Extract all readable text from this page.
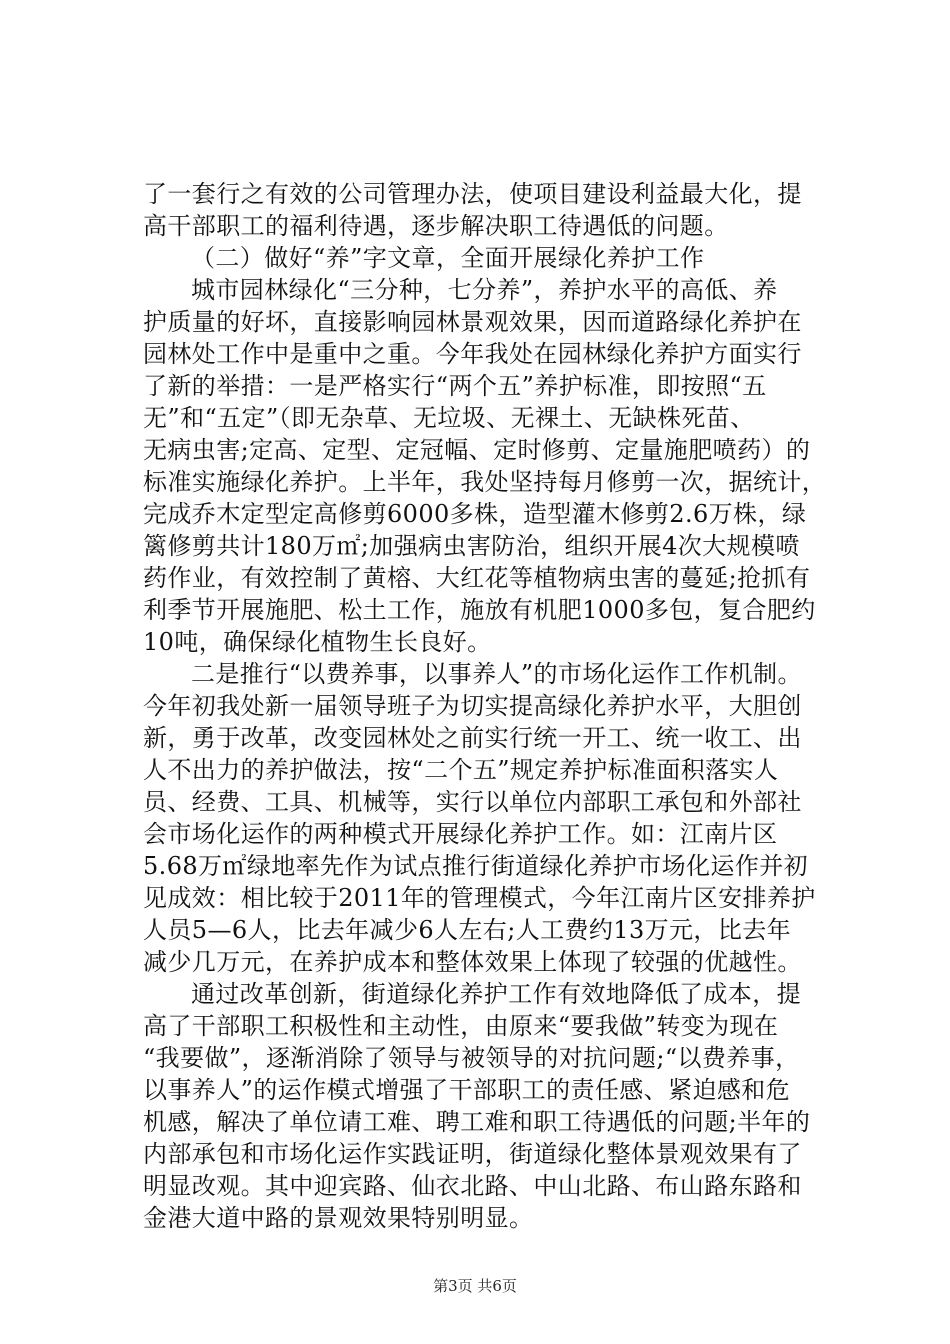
了一套行之有效的公司管理办法，使项目建设利益最大化，提
高干部职工的福利待遇，逐步解决职工待遇低的问题。
（二）做好“养”字文章，全面开展绿化养护工作
城市园林绿化“三分种，七分养”，养护水平的高低、养
护质量的好坏，直接影响园林景观效果，因而道路绿化养护在
园林处工作中是重中之重。今年我处在园林绿化养护方面实行
了新的举措：一是严格实行“两个五”养护标准，即按照“五
无”和“五定”（即无杂草、无垃圾、无裸土、无缺株死苗、
无病虫害;定高、定型、定冠幅、定时修剪、定量施肥喷药）的
标准实施绿化养护。上半年，我处坚持每月修剪一次，据统计，
完成乔木定型定高修剪6000多株，造型灌木修剪2.6万株，绿
篱修剪共计180万㎡;加强病虫害防治，组织开展4次大规模喷
药作业，有效控制了黄榕、大红花等植物病虫害的蔓延;抢抓有
利季节开展施肥、松土工作，施放有机肥1000多包，复合肥约
10吨，确保绿化植物生长良好。
二是推行“以费养事，以事养人”的市场化运作工作机制。
今年初我处新一届领导班子为切实提高绿化养护水平，大胆创
新，勇于改革，改变园林处之前实行统一开工、统一收工、出
人不出力的养护做法，按“二个五”规定养护标准面积落实人
员、经费、工具、机械等，实行以单位内部职工承包和外部社
会市场化运作的两种模式开展绿化养护工作。如：江南片区
5.68万㎡绿地率先作为试点推行街道绿化养护市场化运作并初
见成效：相比较于2011年的管理模式，今年江南片区安排养护
人员5—6人，比去年减少6人左右;人工费约13万元，比去年
减少几万元，在养护成本和整体效果上体现了较强的优越性。
通过改革创新，街道绿化养护工作有效地降低了成本，提
高了干部职工积极性和主动性，由原来“要我做”转变为现在
“我要做”，逐渐消除了领导与被领导的对抗问题;“以费养事，
以事养人”的运作模式增强了干部职工的责任感、紧迫感和危
机感，解决了单位请工难、聘工难和职工待遇低的问题;半年的
内部承包和市场化运作实践证明，街道绿化整体景观效果有了
明显改观。其中迎宾路、仙衣北路、中山北路、布山路东路和
金港大道中路的景观效果特别明显。
第3页 共6页
